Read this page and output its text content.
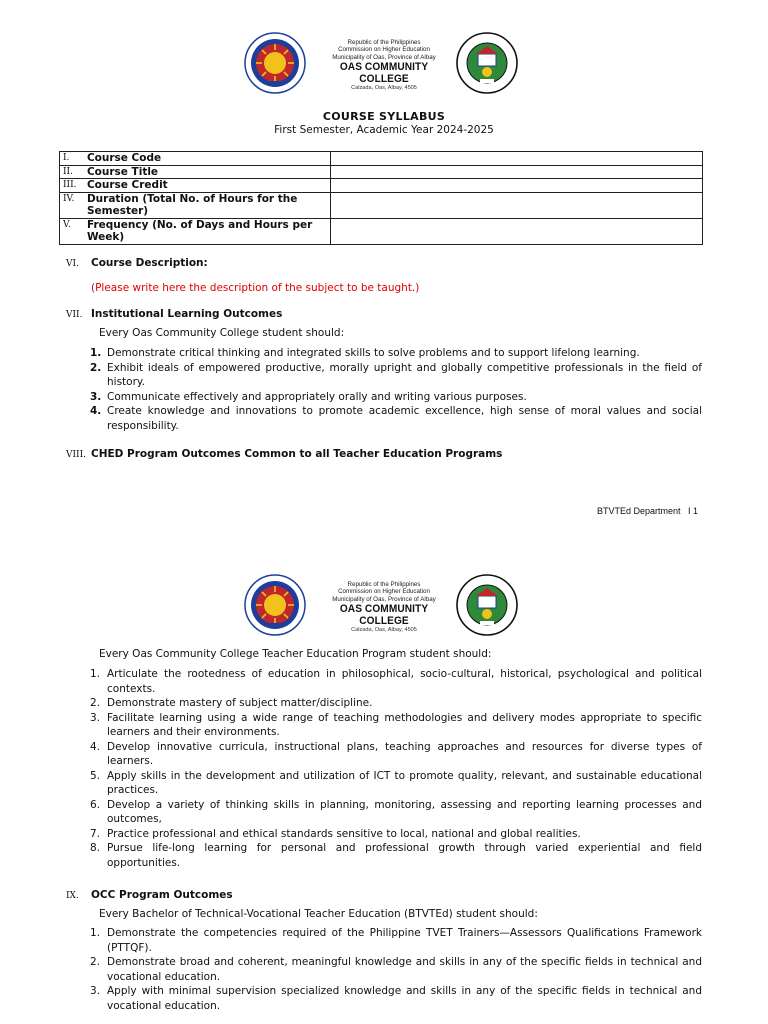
Republic of the Philippines
Commission on Higher Education
Municipality of Oas, Province of Albay
OAS COMMUNITY COLLEGE
Calzada, Oas, Albay, 4505
COURSE SYLLABUS
First Semester, Academic Year 2024-2025
I.	Course Code	
II.	Course Title	
III.	Course Credit	
IV.	Duration (Total No. of Hours for the Semester)	
V.	Frequency (No. of Days and Hours per Week)	
VI. Course Description:
(Please write here the description of the subject to be taught.)
VII. Institutional Learning Outcomes
Every Oas Community College student should:
1. Demonstrate critical thinking and integrated skills to solve problems and to support lifelong learning.
2. Exhibit ideals of empowered productive, morally upright and globally competitive professionals in the field of history.
3. Communicate effectively and appropriately orally and writing various purposes.
4. Create knowledge and innovations to promote academic excellence, high sense of moral values and social responsibility.
VIII. CHED Program Outcomes Common to all Teacher Education Programs
BTVTEd Department I 1
Republic of the Philippines
Commission on Higher Education
Municipality of Oas, Province of Albay
OAS COMMUNITY COLLEGE
Calzada, Oas, Albay, 4505
Every Oas Community College Teacher Education Program student should:
1. Articulate the rootedness of education in philosophical, socio-cultural, historical, psychological and political contexts.
2. Demonstrate mastery of subject matter/discipline.
3. Facilitate learning using a wide range of teaching methodologies and delivery modes appropriate to specific learners and their environments.
4. Develop innovative curricula, instructional plans, teaching approaches and resources for diverse types of learners.
5. Apply skills in the development and utilization of ICT to promote quality, relevant, and sustainable educational practices.
6. Develop a variety of thinking skills in planning, monitoring, assessing and reporting learning processes and outcomes,
7. Practice professional and ethical standards sensitive to local, national and global realities.
8. Pursue life-long learning for personal and professional growth through varied experiential and field opportunities.
IX. OCC Program Outcomes
Every Bachelor of Technical-Vocational Teacher Education (BTVTEd) student should:
1. Demonstrate the competencies required of the Philippine TVET Trainers—Assessors Qualifications Framework (PTTQF).
2. Demonstrate broad and coherent, meaningful knowledge and skills in any of the specific fields in technical and vocational education.
3. Apply with minimal supervision specialized knowledge and skills in any of the specific fields in technical and vocational education.
